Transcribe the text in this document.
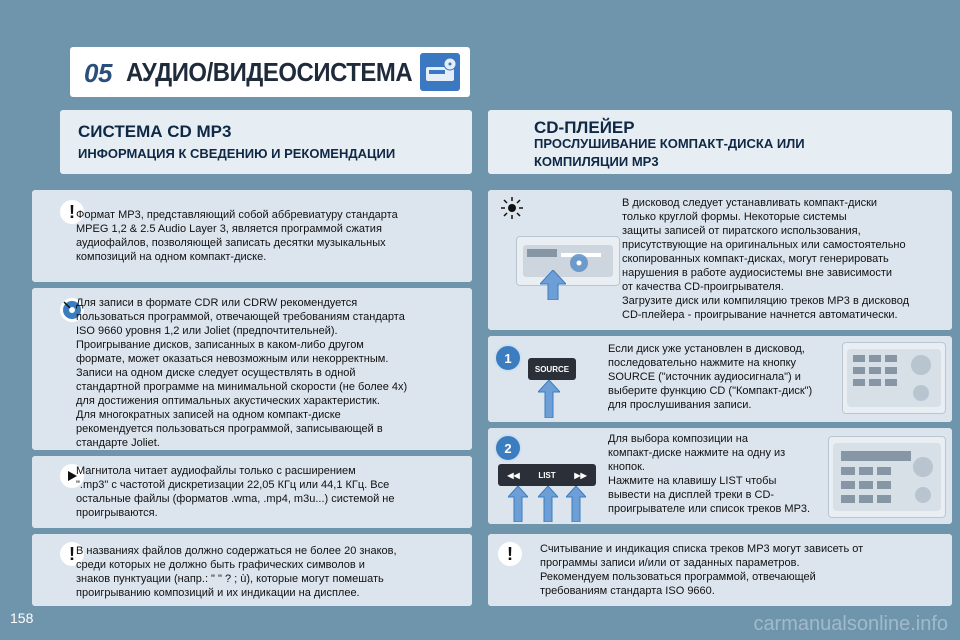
05 АУДИО/ВИДЕОСИСТЕМА
СИСТЕМА CD MP3
ИНФОРМАЦИЯ К СВЕДЕНИЮ И РЕКОМЕНДАЦИИ
CD-ПЛЕЙЕР
ПРОСЛУШИВАНИЕ КОМПАКТ-ДИСКА ИЛИ
КОМПИЛЯЦИИ MP3
! Формат MP3, представляющий собой аббревиатуру стандарта
MPEG 1,2 & 2.5 Audio Layer 3, является программой сжатия
аудиофайлов, позволяющей записать десятки музыкальных
композиций на одном компакт-диске.
Для записи в формате CDR или CDRW рекомендуется
пользоваться программой, отвечающей требованиям стандарта
ISO 9660 уровня 1,2 или Joliet (предпочтительней).
Проигрывание дисков, записанных в каком-либо другом
формате, может оказаться невозможным или некорректным.
Записи на одном диске следует осуществлять в одной
стандартной программе на минимальной скорости (не более 4x)
для достижения оптимальных акустических характеристик.
Для многократных записей на одном компакт-диске
рекомендуется пользоваться программой, записывающей в
стандарте Joliet.
Магнитола читает аудиофайлы только с расширением
".mp3" с частотой дискретизации 22,05 КГц или 44,1 КГц. Все
остальные файлы (форматов .wma, .mp4, m3u...) системой не
проигрываются.
! В названиях файлов должно содержаться не более 20 знаков,
среди которых не должно быть графических символов и
знаков пунктуации (напр.: " " ? ; ù), которые могут помешать
проигрыванию композиций и их индикации на дисплее.
В дисковод следует устанавливать компакт-диски
только круглой формы. Некоторые системы
защиты записей от пиратского использования,
присутствующие на оригинальных или самостоятельно
скопированных компакт-дисках, могут генерировать
нарушения в работе аудиосистемы вне зависимости
от качества CD-проигрывателя.
Загрузите диск или компиляцию треков MP3 в дисковод
CD-плейера - проигрывание начнется автоматически.
1
SOURCE
Если диск уже установлен в дисковод,
последовательно нажмите на кнопку
SOURCE ("источник аудиосигнала") и
выберите функцию CD ("Компакт-диск")
для прослушивания записи.
2
◀◀ LIST ▶▶
Для выбора композиции на
компакт-диске нажмите на одну из
кнопок.
Нажмите на клавишу LIST чтобы
вывести на дисплей треки в CD-
проигрывателе или список треков MP3.
!	Считывание и индикация списка треков MP3 могут зависеть от
программы записи и/или от заданных параметров.
Рекомендуем пользоваться программой, отвечающей
требованиям стандарта ISO 9660.
158	carmanualsonline.info
